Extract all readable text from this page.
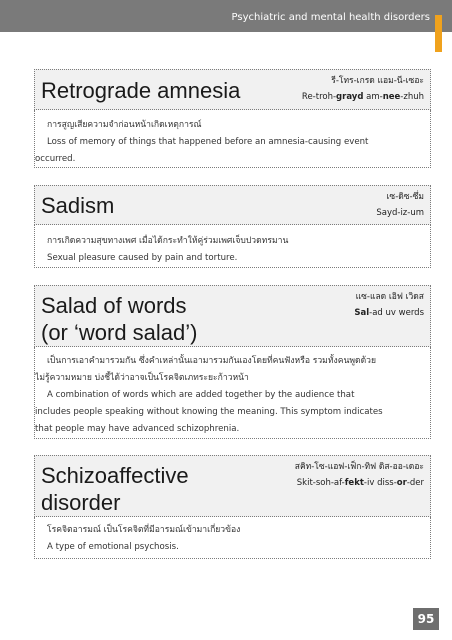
Psychiatric and mental health disorders
Retrograde amnesia	รี-โทร-เกรด แอม-นี-เซอะ
Re-troh-grayd am-nee-zhuh
การสูญเสียความจำก่อนหน้าเกิดเหตุการณ์
Loss of memory of things that happened before an amnesia-causing event
occurred.
Sadism	เซ-ดิซ-ซึ่ม
Sayd-iz-um
การเกิดความสุขทางเพศ เมื่อได้กระทำให้คู่ร่วมเพศเจ็บปวดทรมาน
Sexual pleasure caused by pain and torture.
Salad of words
(or ‘word salad’)
แซ-แลด เอิฟ เวิดส
Sal-ad uv werds
เป็นการเอาคำมารวมกัน ซึ่งคำเหล่านั้นเอามารวมกันเองโดยที่คนฟังหรือ รวมทั้งคนพูดด้วย
ไม่รู้ความหมาย บ่งชี้ได้ว่าอาจเป็นโรคจิตเภทระยะก้าวหน้า
A combination of words which are added together by the audience that
includes people speaking without knowing the meaning. This symptom indicates
that people may have advanced schizophrenia.
Schizoaffective
disorder
สคิท-โซ-แอฟ-เฟ็ก-ทิฟ ดิส-ออ-เดอะ
Skit-soh-af-fekt-iv diss-or-der
โรคจิตอารมณ์ เป็นโรคจิตที่มีอารมณ์เข้ามาเกี่ยวข้อง
A type of emotional psychosis.
95
